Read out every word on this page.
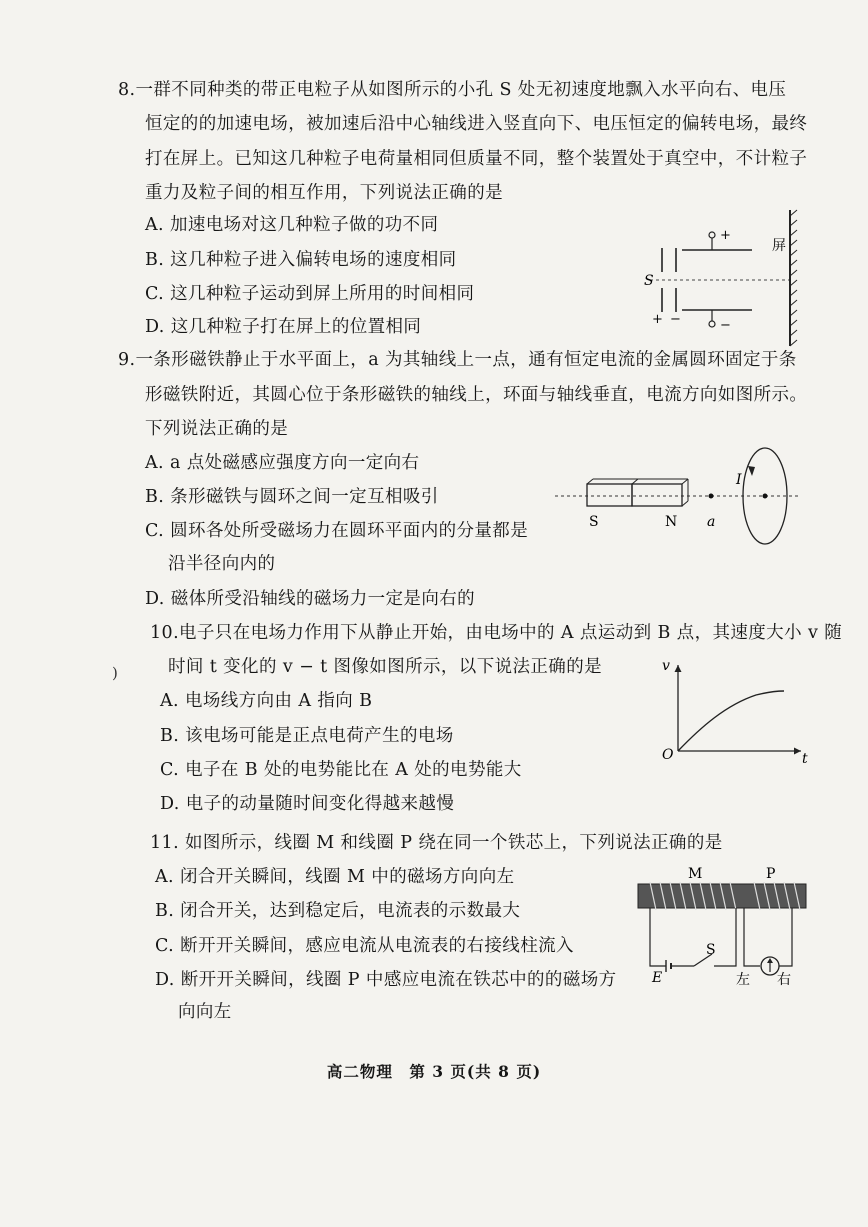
8.一群不同种类的带正电粒子从如图所示的小孔 S 处无初速度地飘入水平向右、电压
恒定的的加速电场，被加速后沿中心轴线进入竖直向下、电压恒定的偏转电场，最终
打在屏上。已知这几种粒子电荷量相同但质量不同，整个装置处于真空中，不计粒子
重力及粒子间的相互作用，下列说法正确的是
A. 加速电场对这几种粒子做的功不同
B. 这几种粒子进入偏转电场的速度相同
C. 这几种粒子运动到屏上所用的时间相同
D. 这几种粒子打在屏上的位置相同
屏
+
−
S
+ −
9.一条形磁铁静止于水平面上，a 为其轴线上一点，通有恒定电流的金属圆环固定于条
形磁铁附近，其圆心位于条形磁铁的轴线上，环面与轴线垂直，电流方向如图所示。
下列说法正确的是
A. a 点处磁感应强度方向一定向右
B. 条形磁铁与圆环之间一定互相吸引
C. 圆环各处所受磁场力在圆环平面内的分量都是
沿半径向内的
D. 磁体所受沿轴线的磁场力一定是向右的
S	N a
I
10.电子只在电场力作用下从静止开始，由电场中的 A 点运动到 B 点，其速度大小 v 随
时间 t 变化的 v − t 图像如图所示，以下说法正确的是
)
A. 电场线方向由 A 指向 B
B. 该电场可能是正点电荷产生的电场
C. 电子在 B 处的电势能比在 A 处的电势能大
D. 电子的动量随时间变化得越来越慢
O
v
t
11. 如图所示，线圈 M 和线圈 P 绕在同一个铁芯上，下列说法正确的是
A. 闭合开关瞬间，线圈 M 中的磁场方向向左
B. 闭合开关，达到稳定后，电流表的示数最大
C. 断开开关瞬间，感应电流从电流表的右接线柱流入
D. 断开开关瞬间，线圈 P 中感应电流在铁芯中的的磁场方
向向左
M	P
E
S
左 右
高二物理　第 3 页(共 8 页)
